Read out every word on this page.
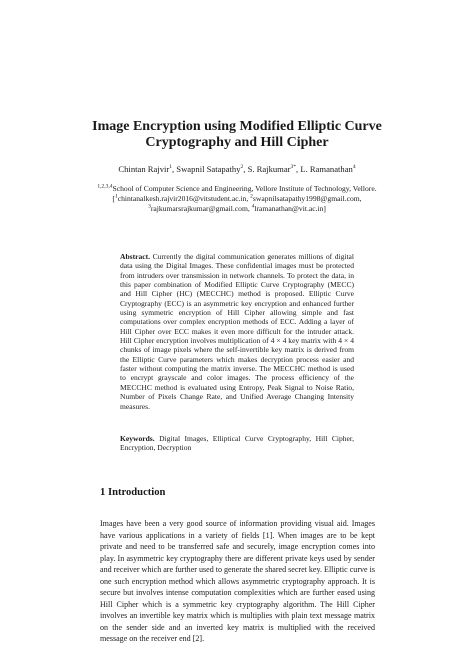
Image Encryption using Modified Elliptic Curve
Cryptography and Hill Cipher
Chintan Rajvir$^1$, Swapnil Satapathy$^2$, S. Rajkumar$^{3*}$, L. Ramanathan$^4$
$^{1,2,3,4}$School of Computer Science and Engineering, Vellore Institute of Technology, Vellore.
[$^1$chintanalkesh.rajvir2016@vitstudent.ac.in, $^2$swapnilsatapathy1998@gmail.com,
$^3$rajkumarsrajkumar@gmail.com, $^4$lramanathan@vit.ac.in]
Abstract. Currently the digital communication generates millions of digital data using the Digital Images. These confidential images must be protected from intruders over transmission in network channels. To protect the data, in this paper combination of Modified Elliptic Curve Cryptography (MECC) and Hill Cipher (HC) (MECCHC) method is proposed. Elliptic Curve Cryptography (ECC) is an asymmetric key encryption and enhanced further using symmetric encryption of Hill Cipher allowing simple and fast computations over complex encryption methods of ECC. Adding a layer of Hill Cipher over ECC makes it even more difficult for the intruder attack. Hill Cipher encryption involves multiplication of 4 × 4 key matrix with 4 × 4 chunks of image pixels where the self-invertible key matrix is derived from the Elliptic Curve parameters which makes decryption process easier and faster without computing the matrix inverse. The MECCHC method is used to encrypt grayscale and color images. The process efficiency of the MECCHC method is evaluated using Entropy, Peak Signal to Noise Ratio, Number of Pixels Change Rate, and Unified Average Changing Intensity measures.
Keywords. Digital Images, Elliptical Curve Cryptography, Hill Cipher, Encryption, Decryption
1 Introduction
Images have been a very good source of information providing visual aid. Images have various applications in a variety of fields [1]. When images are to be kept private and need to be transferred safe and securely, image encryption comes into play. In asymmetric key cryptography there are different private keys used by sender and receiver which are further used to generate the shared secret key. Elliptic curve is one such encryption method which allows asymmetric cryptography approach. It is secure but involves intense computation complexities which are further eased using Hill Cipher which is a symmetric key cryptography algorithm. The Hill Cipher involves an invertible key matrix which is multiplies with plain text message matrix on the sender side and an inverted key matrix is multiplied with the received message on the receiver end [2].
